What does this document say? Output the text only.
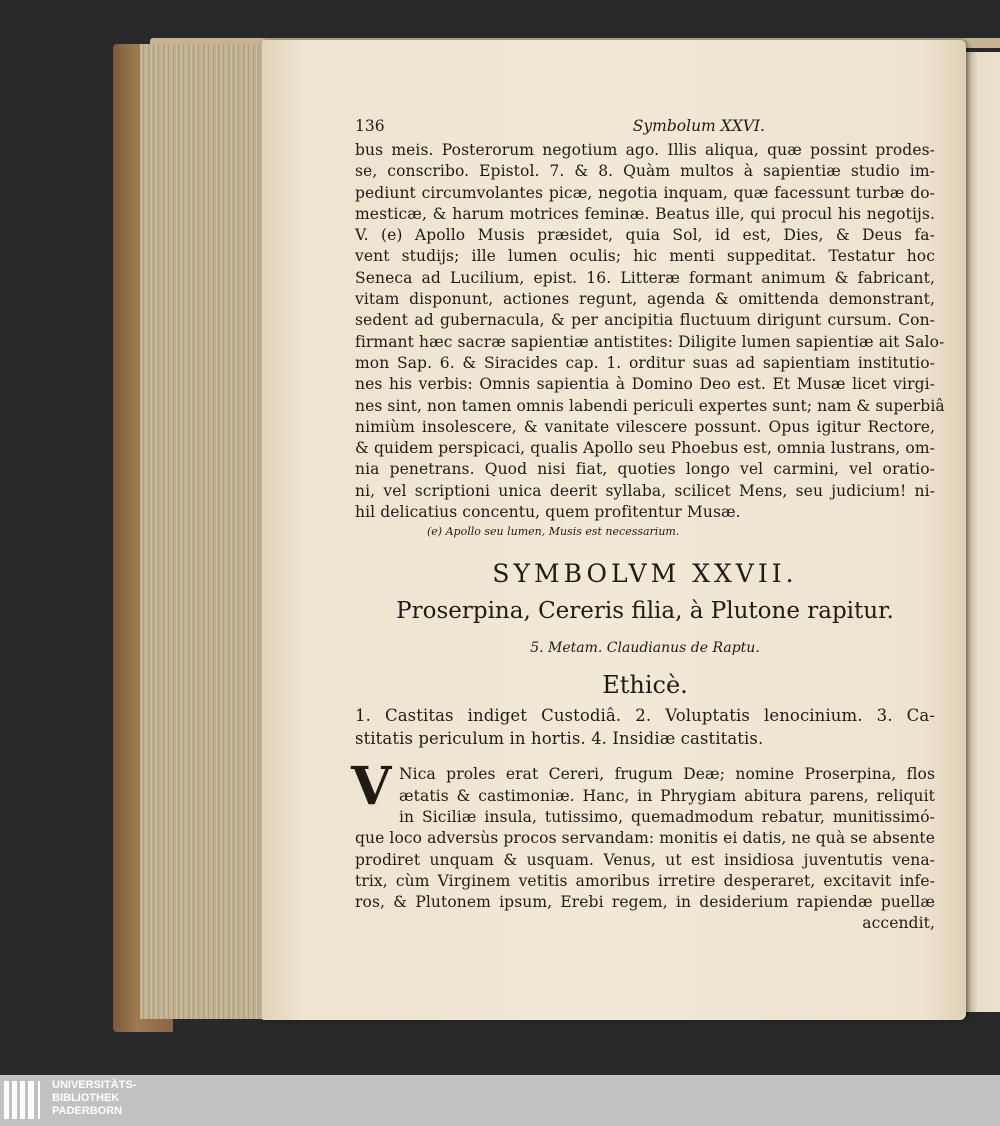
136	Symbolum XXVI.
bus meis. Posterorum negotium ago. Illis aliqua, quæ possint prodes-
se, conscribo. Epistol. 7. & 8. Quàm multos à sapientiæ studio im-
pediunt circumvolantes picæ, negotia inquam, quæ facessunt turbæ do-
mesticæ, & harum motrices feminæ. Beatus ille, qui procul his negotijs.
V. (e) Apollo Musis præsidet, quia Sol, id est, Dies, & Deus fa-
vent studijs; ille lumen oculis; hic menti suppeditat. Testatur hoc
Seneca ad Lucilium, epist. 16. Litteræ formant animum & fabricant,
vitam disponunt, actiones regunt, agenda & omittenda demonstrant,
sedent ad gubernacula, & per ancipitia fluctuum dirigunt cursum. Con-
firmant hæc sacræ sapientiæ antistites: Diligite lumen sapientiæ ait Salo-
mon Sap. 6. & Siracides cap. 1. orditur suas ad sapientiam institutio-
nes his verbis: Omnis sapientia à Domino Deo est. Et Musæ licet virgi-
nes sint, non tamen omnis labendi periculi expertes sunt; nam & superbiâ
nimiùm insolescere, & vanitate vilescere possunt. Opus igitur Rectore,
& quidem perspicaci, qualis Apollo seu Phoebus est, omnia lustrans, om-
nia penetrans. Quod nisi fiat, quoties longo vel carmini, vel oratio-
ni, vel scriptioni unica deerit syllaba, scilicet Mens, seu judicium! ni-
hil delicatius concentu, quem profitentur Musæ.
(e) Apollo seu lumen, Musis est necessarium.
SYMBOLVM XXVII.
Proserpina, Cereris filia, à Plutone rapitur.
5. Metam. Claudianus de Raptu.
Ethicè.
1. Castitas indiget Custodiâ. 2. Voluptatis lenocinium. 3. Ca-
stitatis periculum in hortis. 4. Insidiæ castitatis.
V Nica proles erat Cereri, frugum Deæ; nomine Proserpina, flos
ætatis & castimoniæ. Hanc, in Phrygiam abitura parens, reliquit
in Siciliæ insula, tutissimo, quemadmodum rebatur, munitissimó-
que loco adversùs procos servandam: monitis ei datis, ne quà se absente
prodiret unquam & usquam. Venus, ut est insidiosa juventutis vena-
trix, cùm Virginem vetitis amoribus irretire desperaret, excitavit infe-
ros, & Plutonem ipsum, Erebi regem, in desiderium rapiendæ puellæ
accendit,
UNIVERSITÄTS-
BIBLIOTHEK
PADERBORN
